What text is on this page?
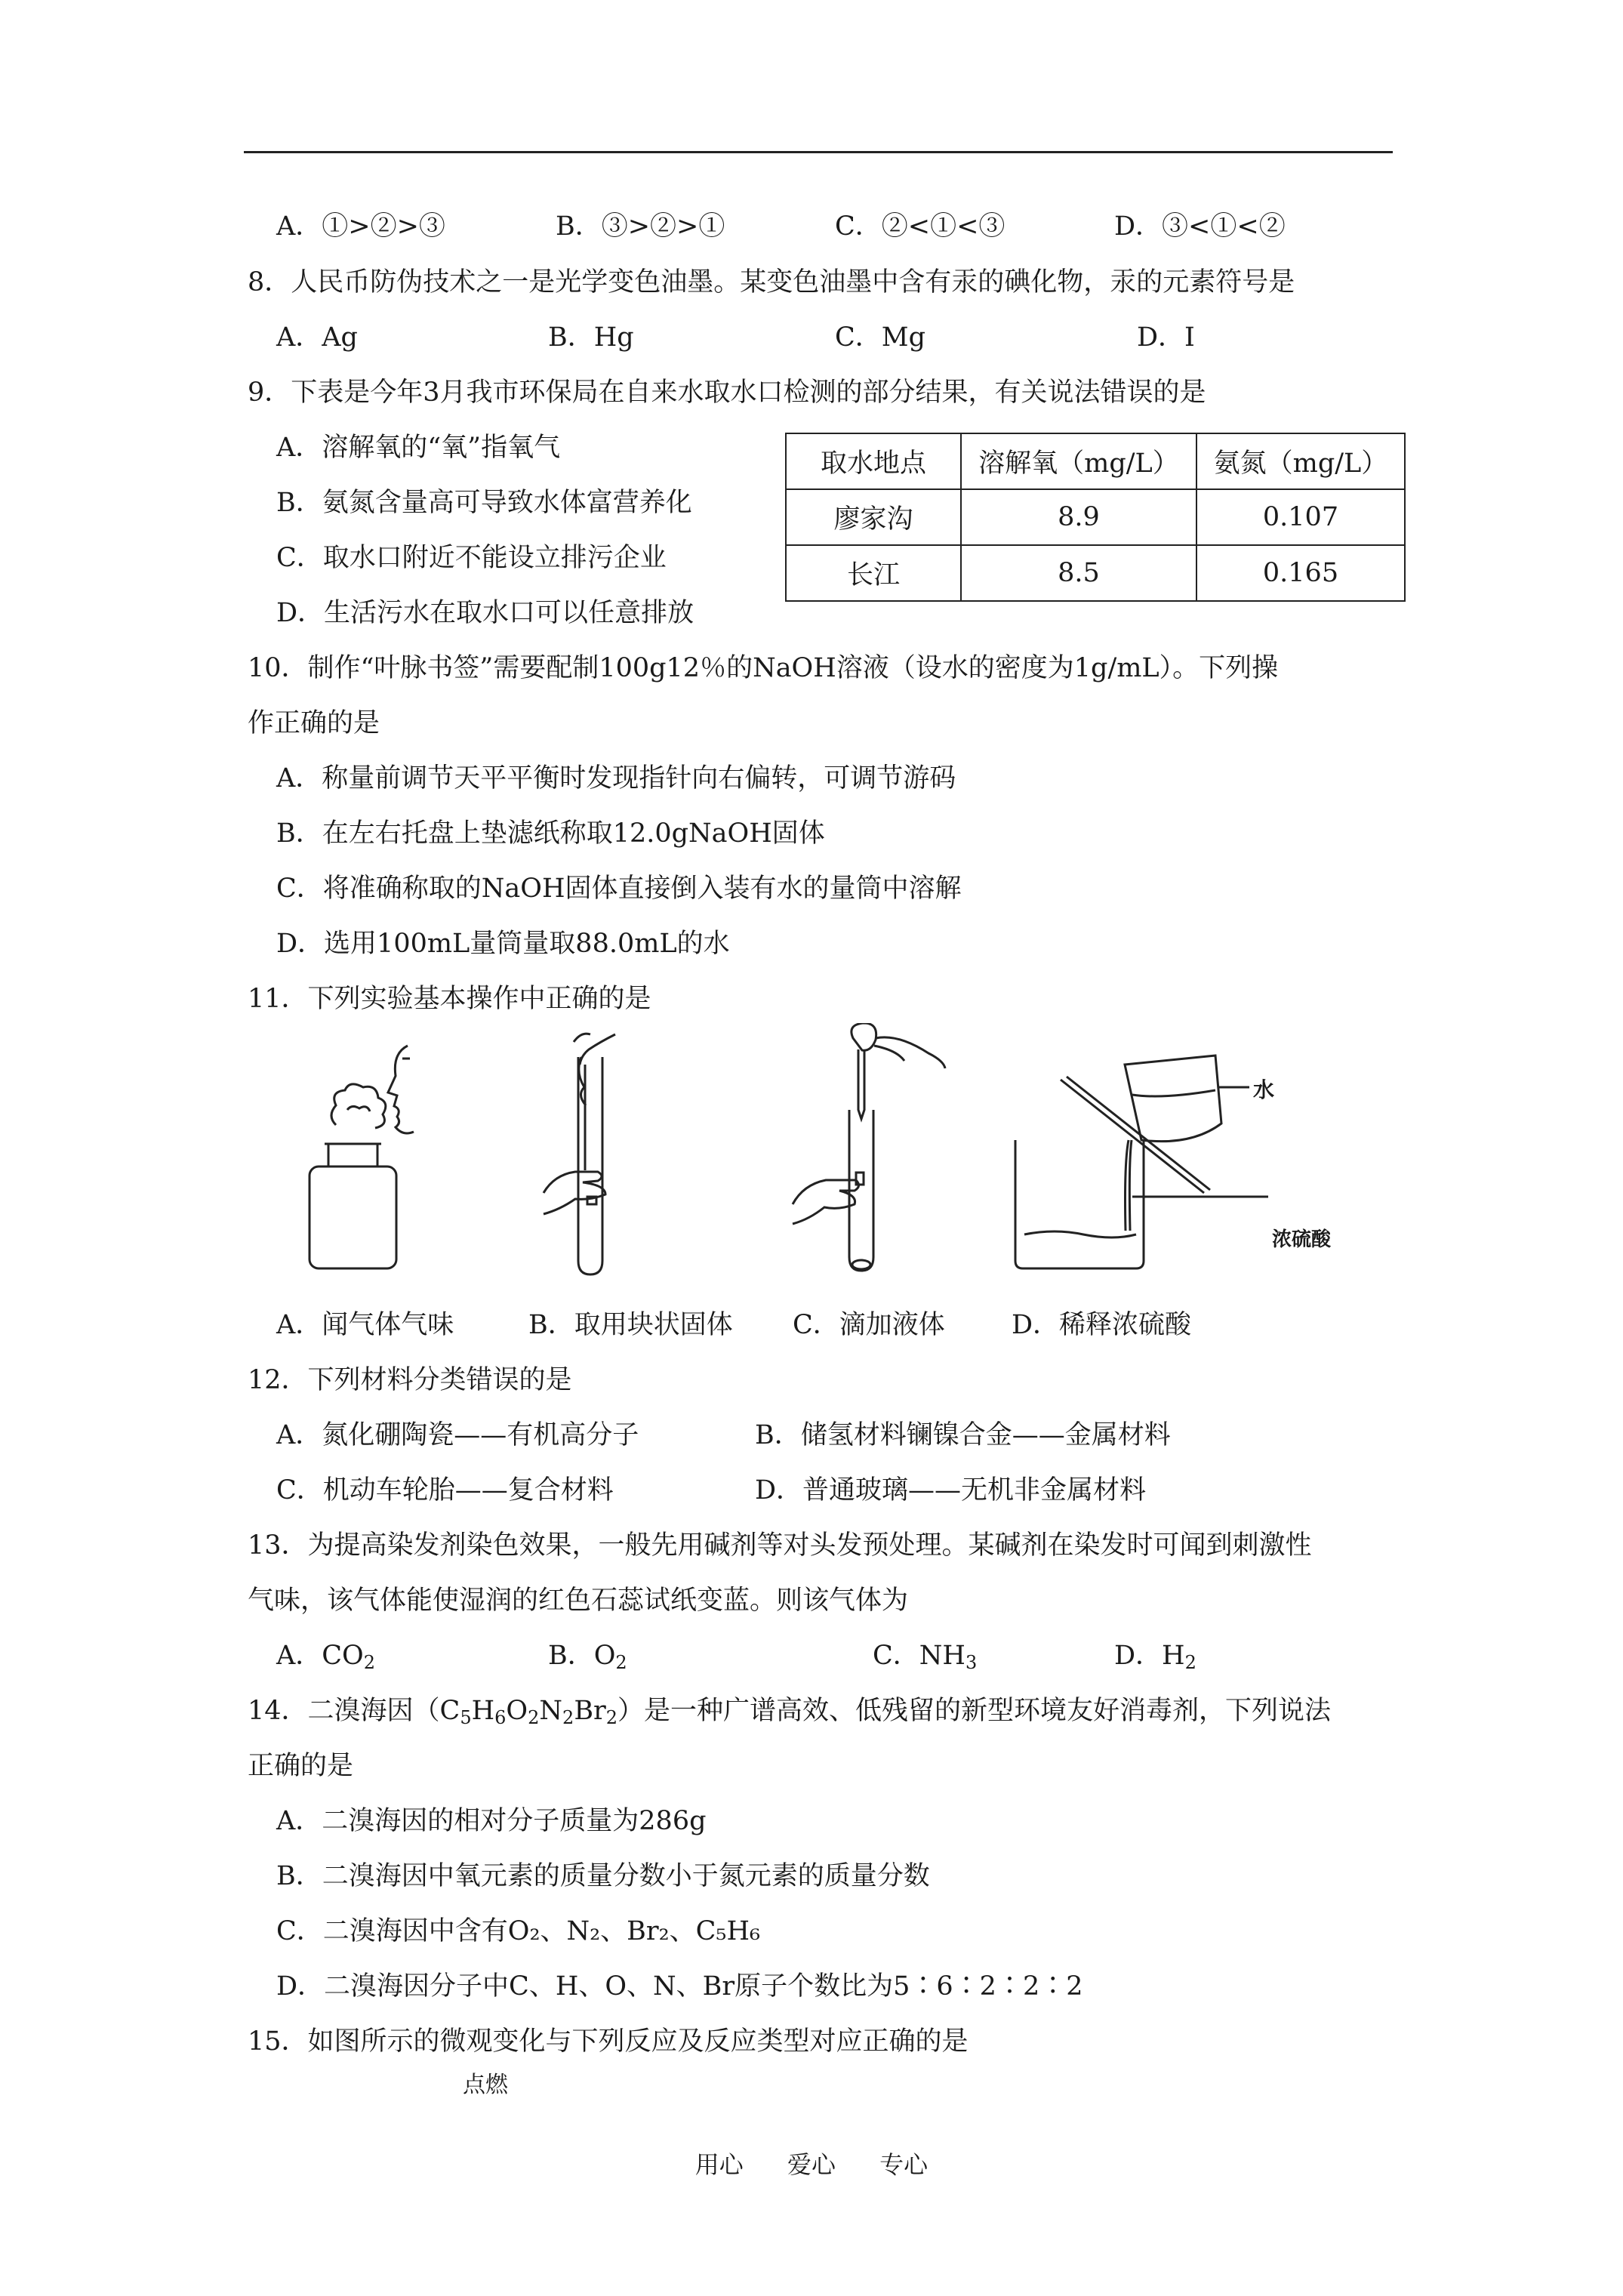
A．①>②>③	B．③>②>①	C．②<①<③	D．③<①<②
8．人民币防伪技术之一是光学变色油墨。某变色油墨中含有汞的碘化物，汞的元素符号是
A．Ag	B．Hg	C．Mg	D．I
9．下表是今年3月我市环保局在自来水取水口检测的部分结果，有关说法错误的是
A．溶解氧的“氧”指氧气
B．氨氮含量高可导致水体富营养化
C．取水口附近不能设立排污企业
D．生活污水在取水口可以任意排放
取水地点	溶解氧（mg/L）	氨氮（mg/L）
廖家沟	8.9	0.107
长江	8.5	0.165
10．制作“叶脉书签”需要配制100g12％的NaOH溶液（设水的密度为1g/mL）。下列操
作正确的是
A．称量前调节天平平衡时发现指针向右偏转，可调节游码
B．在左右托盘上垫滤纸称取12.0gNaOH固体
C．将准确称取的NaOH固体直接倒入装有水的量筒中溶解
D．选用100mL量筒量取88.0mL的水
11．下列实验基本操作中正确的是
水
浓硫酸
A．闻气体气味	B．取用块状固体 C．滴加液体	D．稀释浓硫酸
12．下列材料分类错误的是
A．氮化硼陶瓷——有机高分子	B．储氢材料镧镍合金——金属材料
C．机动车轮胎——复合材料	D．普通玻璃——无机非金属材料
13．为提高染发剂染色效果，一般先用碱剂等对头发预处理。某碱剂在染发时可闻到刺激性
气味，该气体能使湿润的红色石蕊试纸变蓝。则该气体为
A．$CO_2$	B．$O_2$	C．$NH_3$	D．$H_2$
14．二溴海因$(C_5H_6O_2N_2Br_2)$是一种广谱高效、低残留的新型环境友好消毒剂，下列说法
正确的是
A．二溴海因的相对分子质量为286g
B．二溴海因中氧元素的质量分数小于氮元素的质量分数
C．二溴海因中含有O₂、N₂、Br₂、C₅H₆
D．二溴海因分子中C、H、O、N、Br原子个数比为5∶6∶2∶2∶2
15．如图所示的微观变化与下列反应及反应类型对应正确的是
点燃
用心 爱心 专心
